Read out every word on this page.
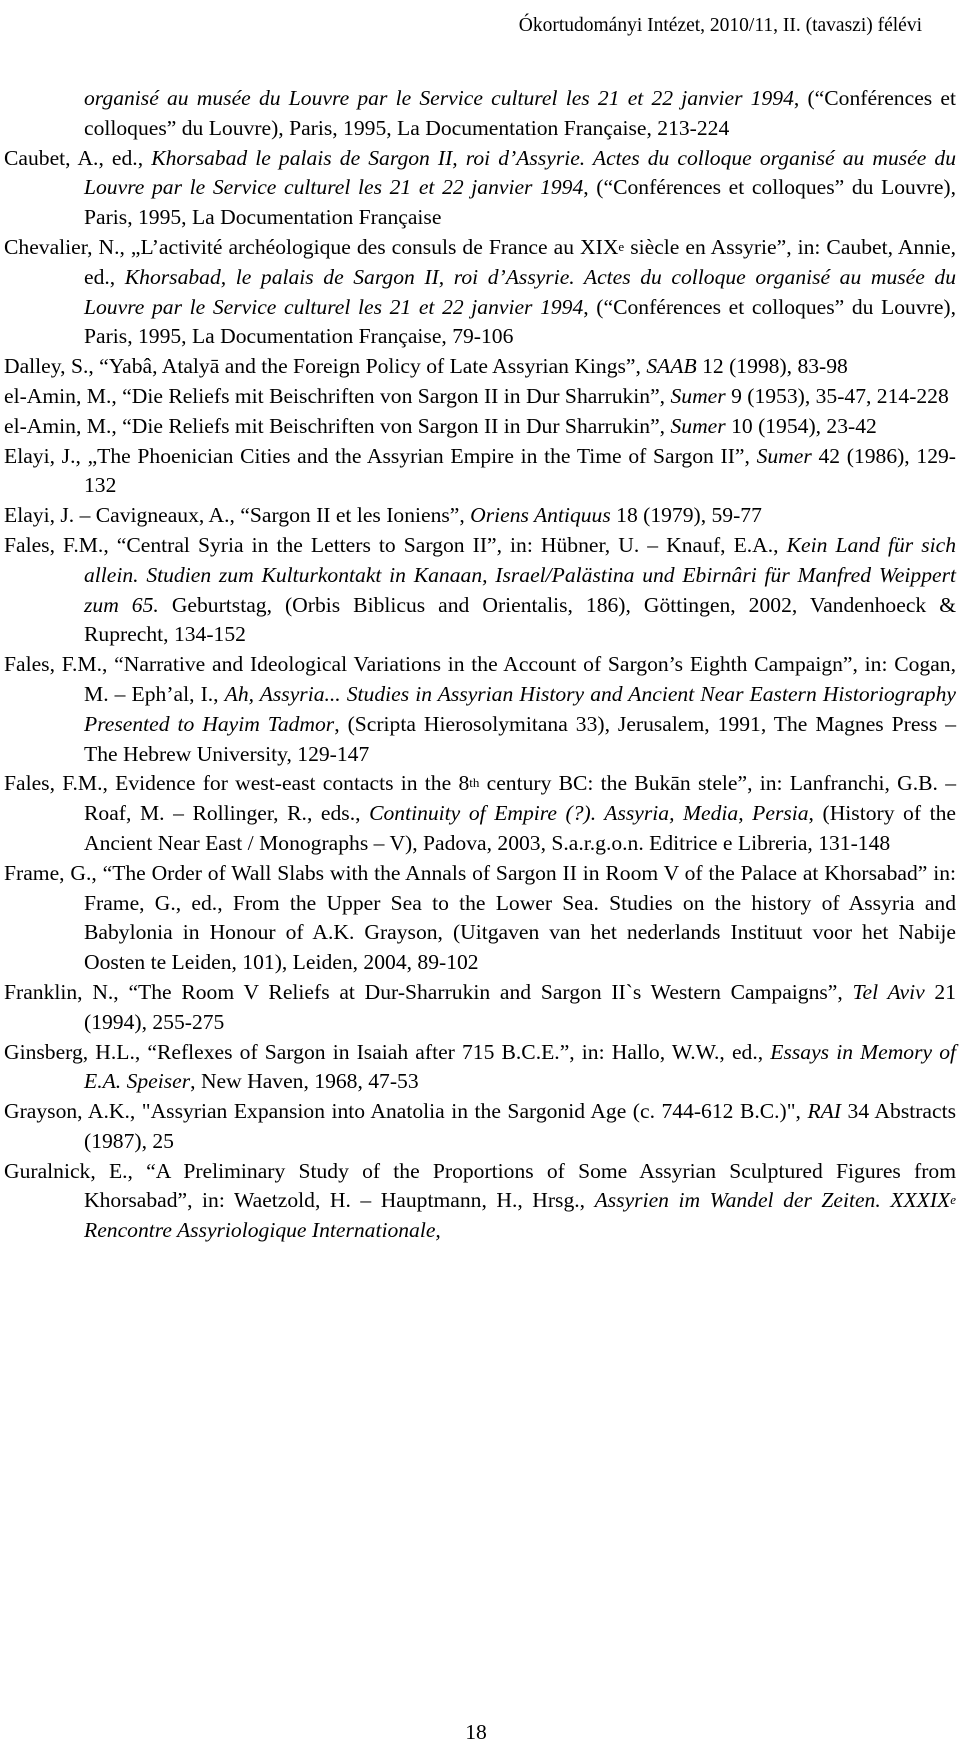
Ókortudományi Intézet, 2010/11, II. (tavaszi) félévi

organisé au musée du Louvre par le Service culturel les 21 et 22 janvier 1994, (“Conférences et colloques” du Louvre), Paris, 1995, La Documentation Française, 213-224

Caubet, A., ed., Khorsabad le palais de Sargon II, roi d’Assyrie. Actes du colloque organisé au musée du Louvre par le Service culturel les 21 et 22 janvier 1994, (“Conférences et colloques” du Louvre), Paris, 1995, La Documentation Française

Chevalier, N., „L’activité archéologique des consuls de France au XIXe siècle en Assyrie”, in: Caubet, Annie, ed., Khorsabad, le palais de Sargon II, roi d’Assyrie. Actes du colloque organisé au musée du Louvre par le Service culturel les 21 et 22 janvier 1994, (“Conférences et colloques” du Louvre), Paris, 1995, La Documentation Française, 79-106

Dalley, S., “Yabâ, Atalyā and the Foreign Policy of Late Assyrian Kings”, SAAB 12 (1998), 83-98

el-Amin, M., “Die Reliefs mit Beischriften von Sargon II in Dur Sharrukin”, Sumer 9 (1953), 35-47, 214-228

el-Amin, M., “Die Reliefs mit Beischriften von Sargon II in Dur Sharrukin”, Sumer 10 (1954), 23-42

Elayi, J., „The Phoenician Cities and the Assyrian Empire in the Time of Sargon II”, Sumer 42 (1986), 129-132

Elayi, J. – Cavigneaux, A., “Sargon II et les Ioniens”, Oriens Antiquus 18 (1979), 59-77

Fales, F.M., “Central Syria in the Letters to Sargon II”, in: Hübner, U. – Knauf, E.A., Kein Land für sich allein. Studien zum Kulturkontakt in Kanaan, Israel/Palästina und Ebirnâri für Manfred Weippert zum 65. Geburtstag, (Orbis Biblicus and Orientalis, 186), Göttingen, 2002, Vandenhoeck & Ruprecht, 134-152

Fales, F.M., “Narrative and Ideological Variations in the Account of Sargon’s Eighth Campaign”, in: Cogan, M. – Eph’al, I., Ah, Assyria... Studies in Assyrian History and Ancient Near Eastern Historiography Presented to Hayim Tadmor, (Scripta Hierosolymitana 33), Jerusalem, 1991, The Magnes Press – The Hebrew University, 129-147

Fales, F.M., Evidence for west-east contacts in the 8th century BC: the Bukān stele”, in: Lanfranchi, G.B. – Roaf, M. – Rollinger, R., eds., Continuity of Empire (?). Assyria, Media, Persia, (History of the Ancient Near East / Monographs – V), Padova, 2003, S.a.r.g.o.n. Editrice e Libreria, 131-148

Frame, G., “The Order of Wall Slabs with the Annals of Sargon II in Room V of the Palace at Khorsabad” in: Frame, G., ed., From the Upper Sea to the Lower Sea. Studies on the history of Assyria and Babylonia in Honour of A.K. Grayson, (Uitgaven van het nederlands Instituut voor het Nabije Oosten te Leiden, 101), Leiden, 2004, 89-102

Franklin, N., “The Room V Reliefs at Dur-Sharrukin and Sargon II`s Western Campaigns”, Tel Aviv 21 (1994), 255-275

Ginsberg, H.L., “Reflexes of Sargon in Isaiah after 715 B.C.E.”, in: Hallo, W.W., ed., Essays in Memory of E.A. Speiser, New Haven, 1968, 47-53

Grayson, A.K., "Assyrian Expansion into Anatolia in the Sargonid Age (c. 744-612 B.C.)", RAI 34 Abstracts (1987), 25

Guralnick, E., “A Preliminary Study of the Proportions of Some Assyrian Sculptured Figures from Khorsabad”, in: Waetzold, H. – Hauptmann, H., Hrsg., Assyrien im Wandel der Zeiten. XXXIXe Rencontre Assyriologique Internationale,

18
